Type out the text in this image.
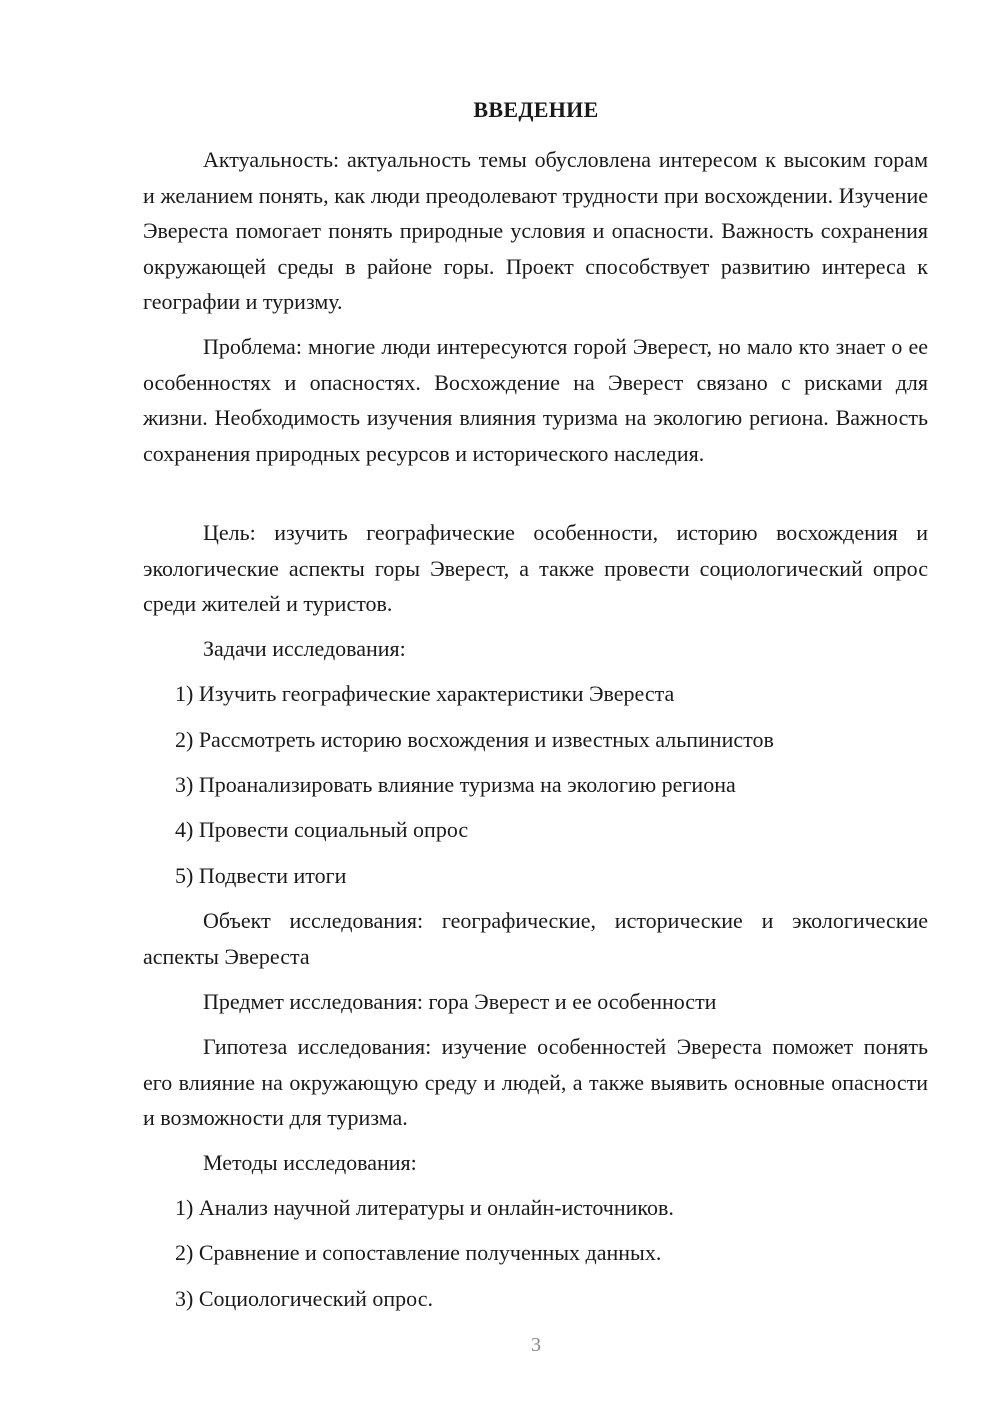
ВВЕДЕНИЕ

Актуальность: актуальность темы обусловлена интересом к высоким горам и желанием понять, как люди преодолевают трудности при восхождении. Изучение Эвереста помогает понять природные условия и опасности. Важность сохранения окружающей среды в районе горы. Проект способствует развитию интереса к географии и туризму.

Проблема: многие люди интересуются горой Эверест, но мало кто знает о ее особенностях и опасностях. Восхождение на Эверест связано с рисками для жизни. Необходимость изучения влияния туризма на экологию региона. Важность сохранения природных ресурсов и исторического наследия.

Цель: изучить географические особенности, историю восхождения и экологические аспекты горы Эверест, а также провести социологический опрос среди жителей и туристов.

Задачи исследования:
1) Изучить географические характеристики Эвереста
2) Рассмотреть историю восхождения и известных альпинистов
3) Проанализировать влияние туризма на экологию региона
4) Провести социальный опрос
5) Подвести итоги

Объект исследования: географические, исторические и экологические аспекты Эвереста

Предмет исследования: гора Эверест и ее особенности

Гипотеза исследования: изучение особенностей Эвереста поможет понять его влияние на окружающую среду и людей, а также выявить основные опасности и возможности для туризма.

Методы исследования:
1) Анализ научной литературы и онлайн-источников.
2) Сравнение и сопоставление полученных данных.
3) Социологический опрос.
3
